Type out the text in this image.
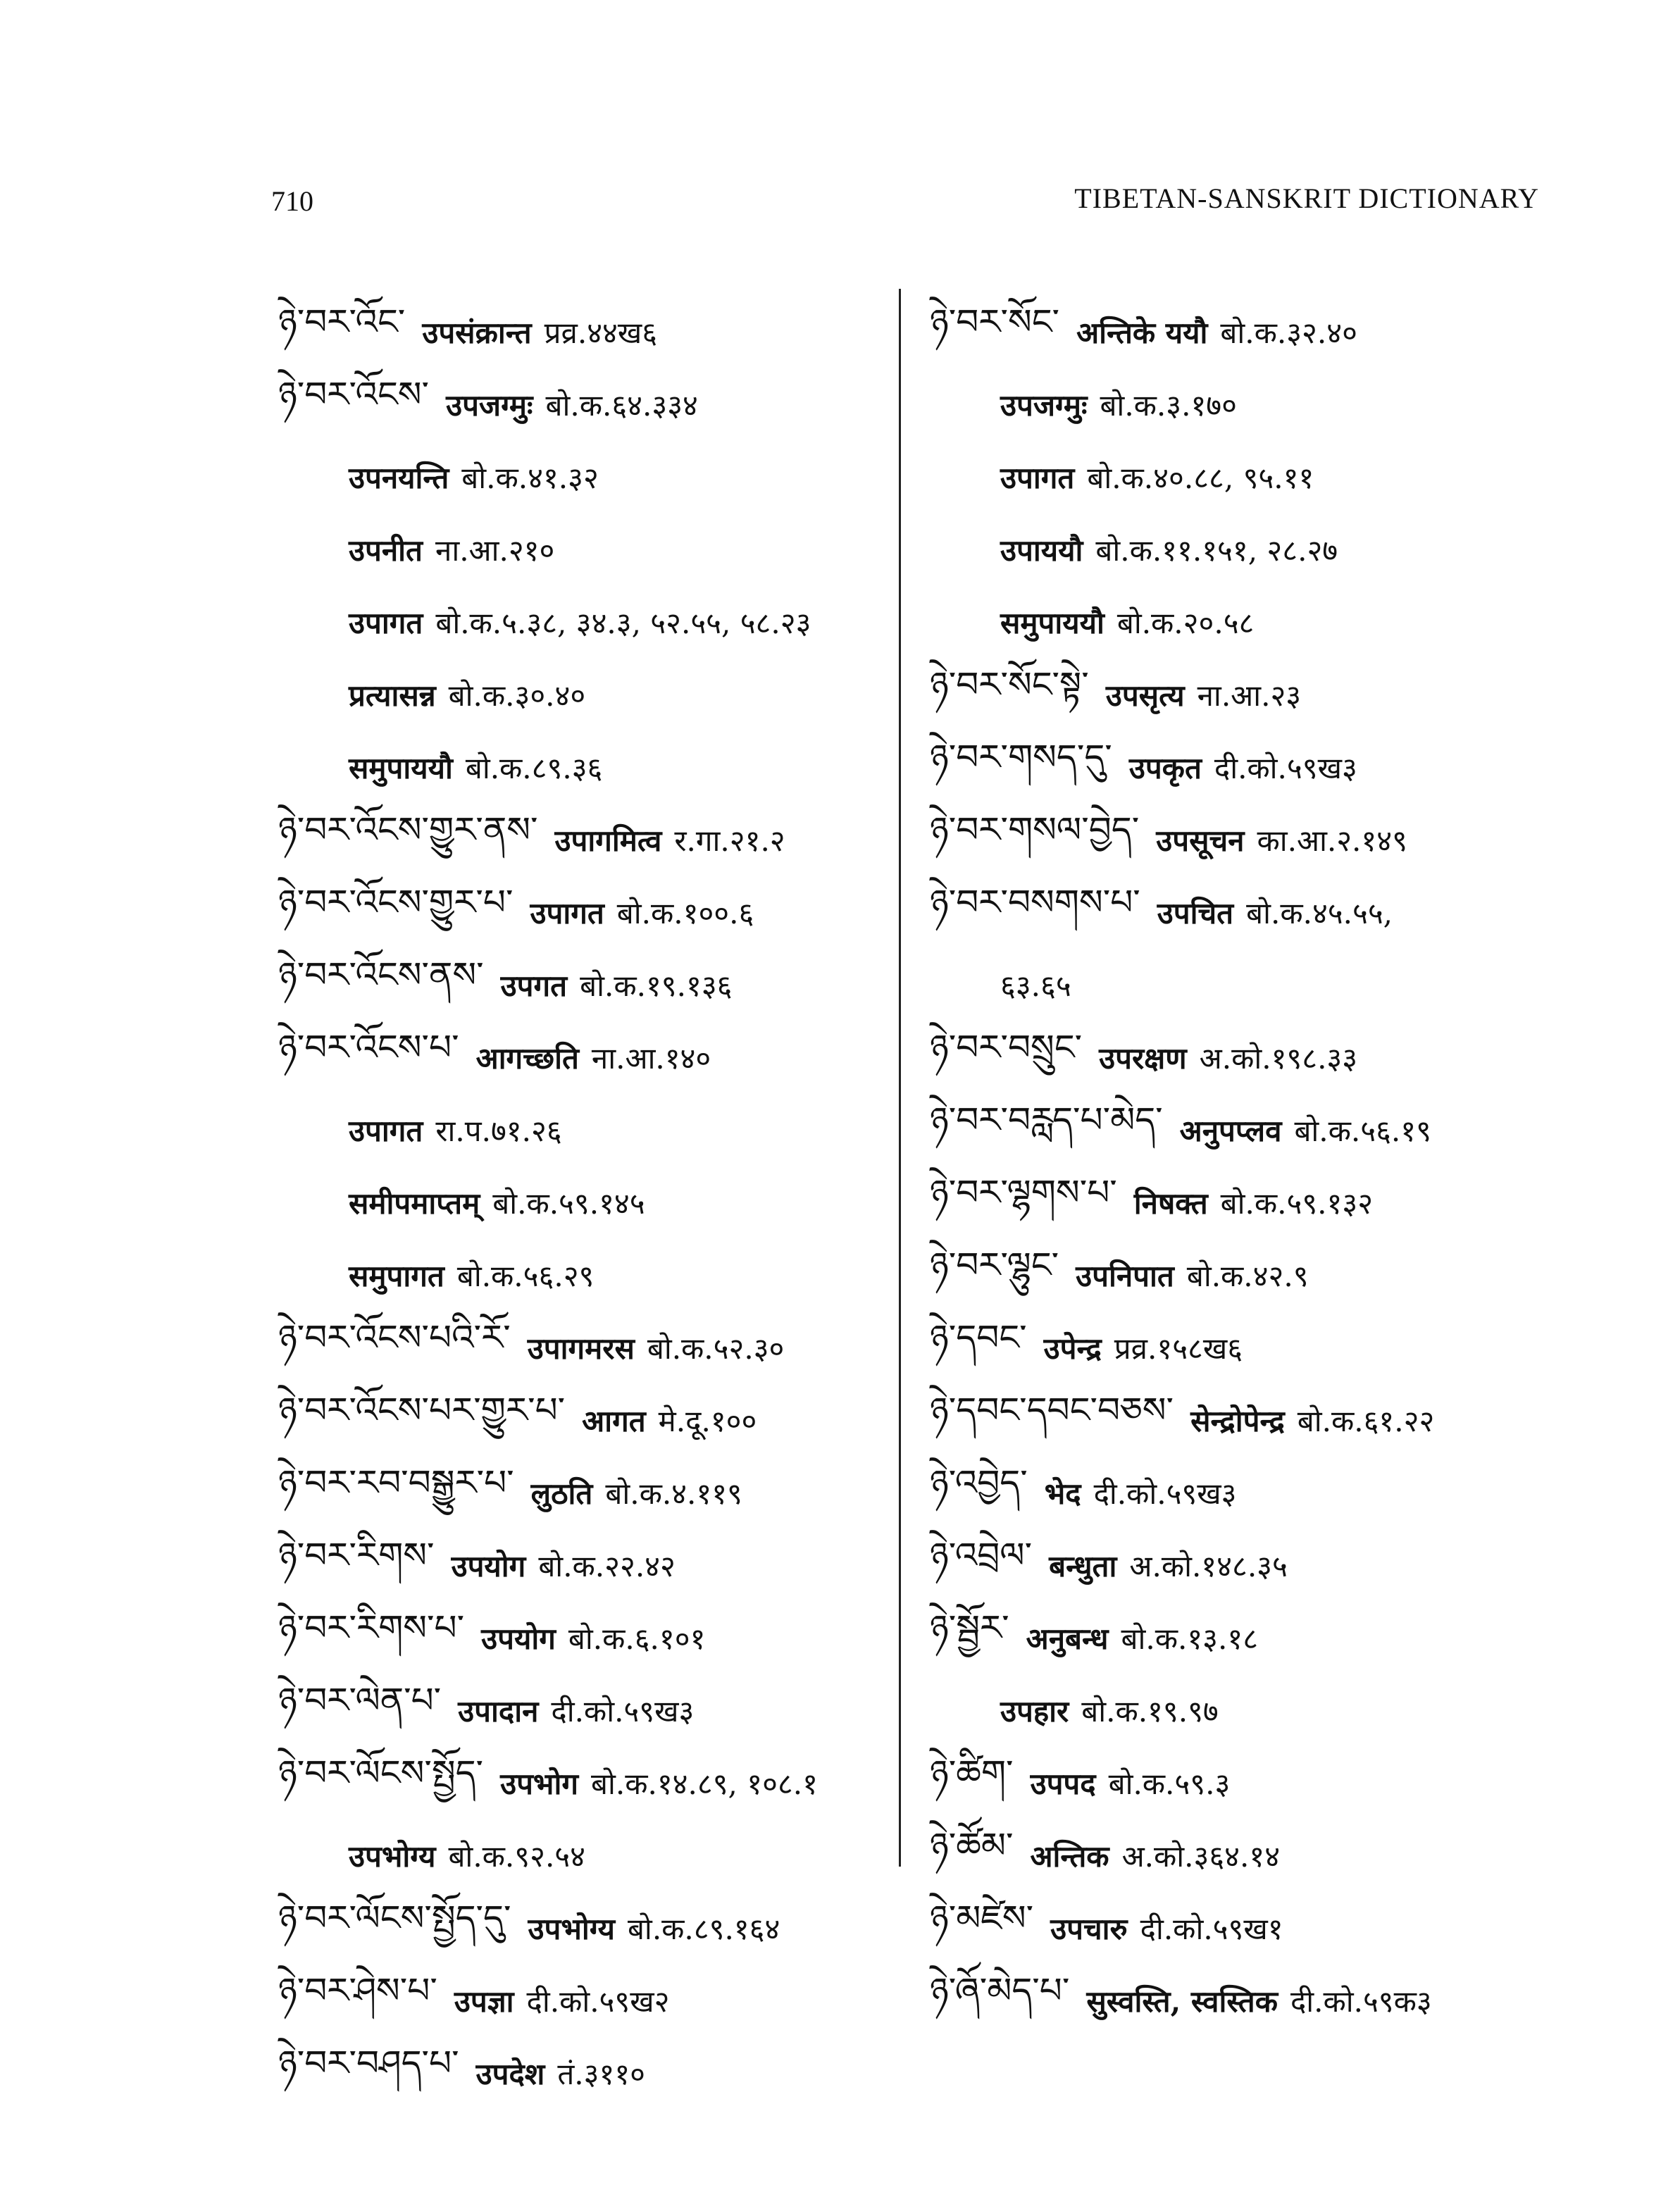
710	TIBETAN-SANSKRIT DICTIONARY
ཉེ་བར་འོང་ उपसंक्रान्त प्रव्र.४४ख६
ཉེ་བར་འོངས་ उपजग्मुः बो.क.६४.३३४
उपनयन्ति बो.क.४१.३२
उपनीत ना.आ.२१०
उपागत बो.क.५.३८, ३४.३, ५२.५५, ५८.२३
प्रत्यासन्न बो.क.३०.४०
समुपाययौ बो.क.८९.३६
ཉེ་བར་འོངས་གྱུར་ནས་ उपागमित्व र.गा.२१.२
ཉེ་བར་འོངས་གྱུར་པ་ उपागत बो.क.१००.६
ཉེ་བར་འོངས་ནས་ उपगत बो.क.१९.१३६
ཉེ་བར་འོངས་པ་ आगच्छति ना.आ.१४०
उपागत रा.प.७१.२६
समीपमाप्तम् बो.क.५९.१४५
समुपागत बो.क.५६.२९
ཉེ་བར་འོངས་པའི་རོ་ उपागमरस बो.क.५२.३०
ཉེ་བར་འོངས་པར་གྱུར་པ་ आगत मे.दू.१००
ཉེ་བར་རབ་བསྒྱུར་པ་ लुठति बो.क.४.११९
ཉེ་བར་རིགས་ उपयोग बो.क.२२.४२
ཉེ་བར་རིགས་པ་ उपयोग बो.क.६.१०१
ཉེ་བར་ལེན་པ་ उपादान दी.को.५९ख३
ཉེ་བར་ལོངས་སྤྱོད་ उपभोग बो.क.१४.८९, १०८.१
उपभोग्य बो.क.९२.५४
ཉེ་བར་ལོངས་སྤྱོད་དུ་ उपभोग्य बो.क.८९.१६४
ཉེ་བར་ཤེས་པ་ उपज्ञा दी.को.५९ख२
ཉེ་བར་བཤད་པ་ उपदेश तं.३११०
ཉེ་བར་སོང་ अन्तिके ययौ बो.क.३२.४०
उपजग्मुः बो.क.३.१७०
उपागत बो.क.४०.८८, ९५.११
उपाययौ बो.क.११.१५१, २८.२७
समुपाययौ बो.क.२०.५८
ཉེ་བར་སོང་སྟེ་ उपसृत्य ना.आ.२३
ཉེ་བར་གསད་དུ་ उपकृत दी.को.५९ख३
ཉེ་བར་གསལ་བྱེད་ उपसूचन का.आ.२.१४९
ཉེ་བར་བསགས་པ་ उपचित बो.क.४५.५५,
६३.६५
ཉེ་བར་བསྲུང་ उपरक्षण अ.को.१९८.३३
ཉེ་བར་བརླད་པ་མེད་ अनुपप्लव बो.क.५६.१९
ཉེ་བར་ལྷགས་པ་ निषक्त बो.क.५९.१३२
ཉེ་བར་ལྷུང་ उपनिपात बो.क.४२.९
ཉེ་དབང་ उपेन्द्र प्रव्र.१५८ख६
ཉེ་དབང་དབང་བཅས་ सेन्द्रोपेन्द्र बो.क.६१.२२
ཉེ་འབྱེད་ भेद दी.को.५९ख३
ཉེ་འབྲེལ་ बन्धुता अ.को.१४८.३५
ཉེ་སྦྱོར་ अनुबन्ध बो.क.१३.१८
उपहार बो.क.१९.९७
ཉེ་ཚིག་ उपपद बो.क.५९.३
ཉེ་ཚོམ་ अन्तिक अ.को.३६४.१४
ཉེ་མཛེས་ उपचारु दी.को.५९ख१
ཉེ་ཞོ་མེད་པ་ सुस्वस्ति, स्वस्तिक दी.को.५९क३
